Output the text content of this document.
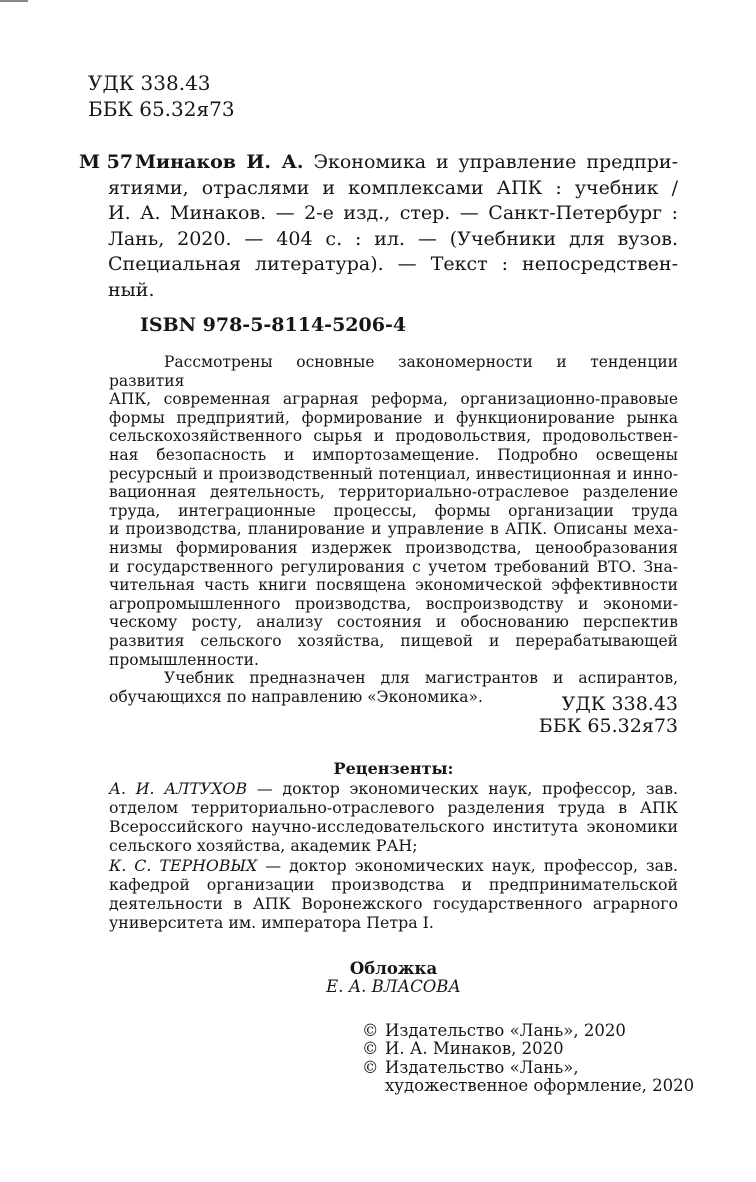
УДК 338.43
ББК 65.32я73
М 57 Минаков И. А. Экономика и управление предпри-
ятиями, отраслями и комплексами АПК : учебник /
И. А. Минаков. — 2-е изд., стер. — Санкт-Петербург :
Лань, 2020. — 404 с. : ил. — (Учебники для вузов.
Специальная литература). — Текст : непосредствен-
ный.
ISBN 978-5-8114-5206-4
Рассмотрены основные закономерности и тенденции развития
АПК, современная аграрная реформа, организационно-правовые
формы предприятий, формирование и функционирование рынка
сельскохозяйственного сырья и продовольствия, продовольствен-
ная безопасность и импортозамещение. Подробно освещены
ресурсный и производственный потенциал, инвестиционная и инно-
вационная деятельность, территориально-отраслевое разделение
труда, интеграционные процессы, формы организации труда
и производства, планирование и управление в АПК. Описаны меха-
низмы формирования издержек производства, ценообразования
и государственного регулирования с учетом требований ВТО. Зна-
чительная часть книги посвящена экономической эффективности
агропромышленного производства, воспроизводству и экономи-
ческому росту, анализу состояния и обоснованию перспектив
развития сельского хозяйства, пищевой и перерабатывающей
промышленности.
Учебник предназначен для магистрантов и аспирантов,
обучающихся по направлению «Экономика».	УДК 338.43
ББК 65.32я73
Рецензенты:
А. И. АЛТУХОВ — доктор экономических наук, профессор, зав.
отделом территориально-отраслевого разделения труда в АПК
Всероссийского научно-исследовательского института экономики
сельского хозяйства, академик РАН;
К. С. ТЕРНОВЫХ — доктор экономических наук, профессор, зав.
кафедрой организации производства и предпринимательской
деятельности в АПК Воронежского государственного аграрного
университета им. императора Петра I.
Обложка
Е. А. ВЛАСОВА
© Издательство «Лань», 2020
© И. А. Минаков, 2020
© Издательство «Лань»,
художественное оформление, 2020
